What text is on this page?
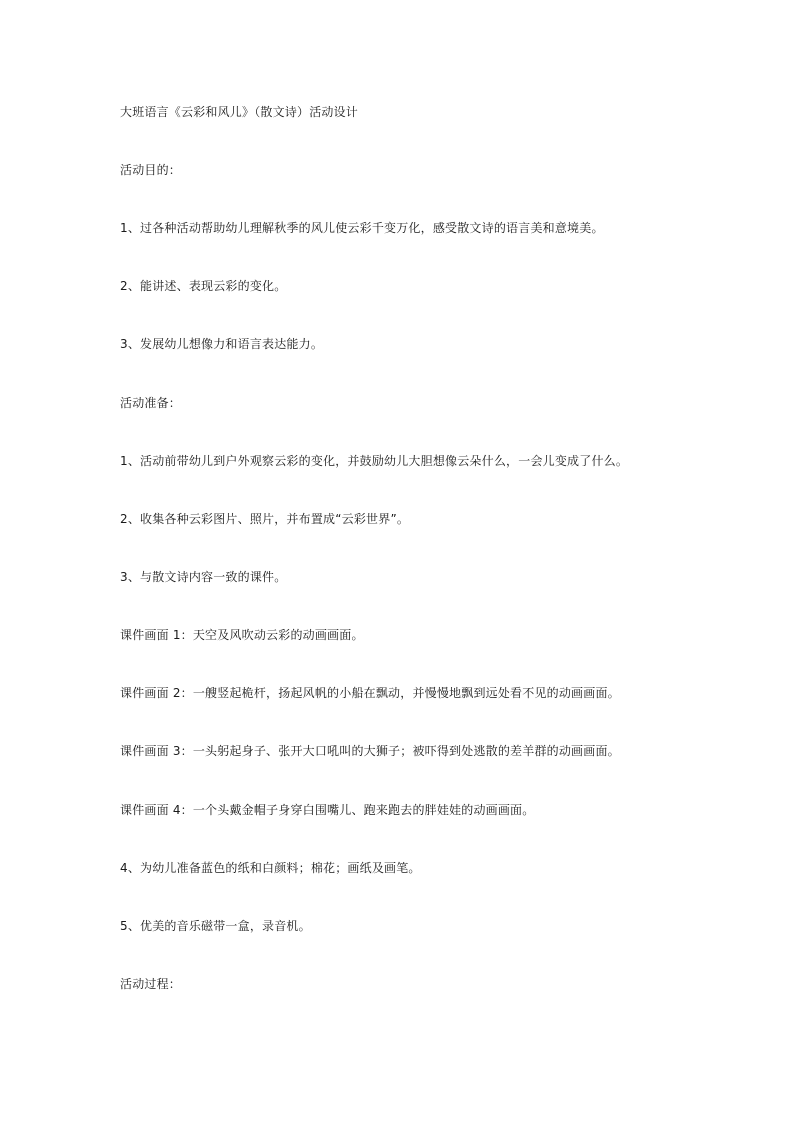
大班语言《云彩和风儿》（散文诗）活动设计
活动目的：
1、过各种活动帮助幼儿理解秋季的风儿使云彩千变万化，感受散文诗的语言美和意境美。
2、能讲述、表现云彩的变化。
3、发展幼儿想像力和语言表达能力。
活动准备：
1、活动前带幼儿到户外观察云彩的变化，并鼓励幼儿大胆想像云朵什么，一会儿变成了什么。
2、收集各种云彩图片、照片，并布置成“云彩世界”。
3、与散文诗内容一致的课件。
课件画面 1：天空及风吹动云彩的动画画面。
课件画面 2：一艘竖起桅杆，扬起风帆的小船在飘动，并慢慢地飘到远处看不见的动画画面。
课件画面 3：一头躬起身子、张开大口吼叫的大狮子；被吓得到处逃散的差羊群的动画画面。
课件画面 4：一个头戴金帽子身穿白围嘴儿、跑来跑去的胖娃娃的动画画面。
4、为幼儿准备蓝色的纸和白颜料；棉花；画纸及画笔。
5、优美的音乐磁带一盒，录音机。
活动过程：
